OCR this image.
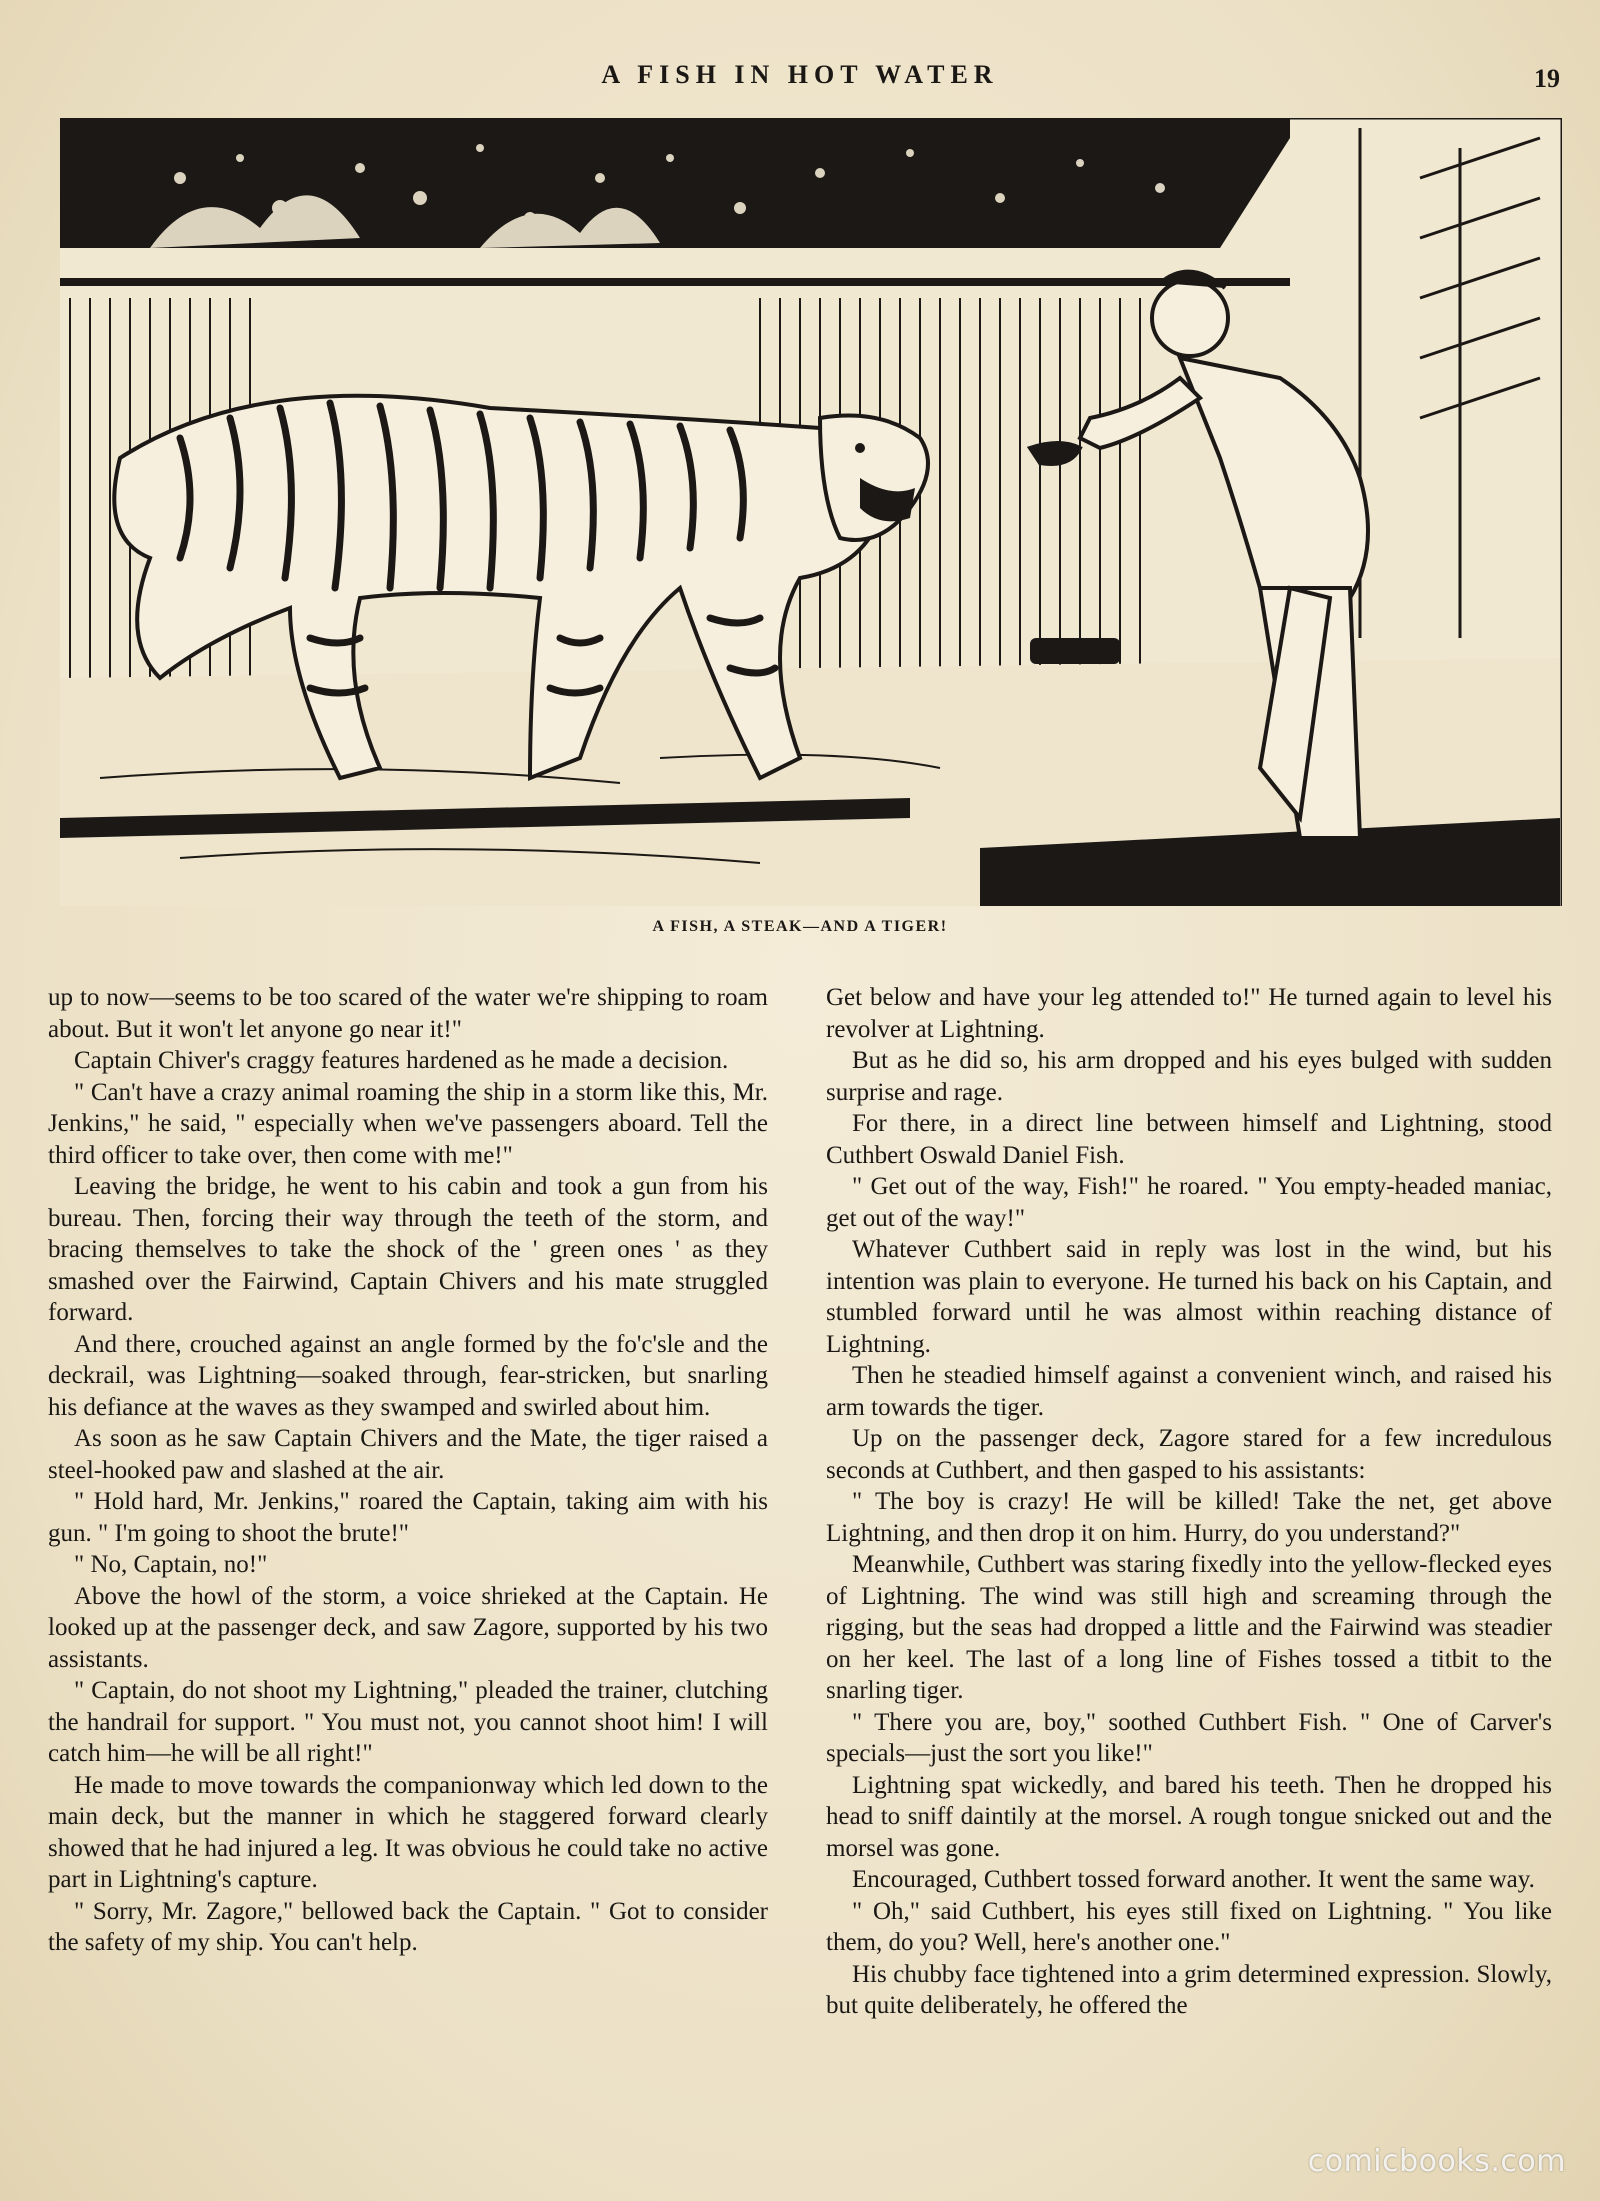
A FISH IN HOT WATER	19
A FISH, A STEAK—AND A TIGER!

up to now—seems to be too scared of the water we're shipping to roam about. But it won't let anyone go near it!"

Captain Chiver's craggy features hardened as he made a decision.

" Can't have a crazy animal roaming the ship in a storm like this, Mr. Jenkins," he said, " especially when we've passengers aboard. Tell the third officer to take over, then come with me!"

Leaving the bridge, he went to his cabin and took a gun from his bureau. Then, forcing their way through the teeth of the storm, and bracing themselves to take the shock of the ' green ones ' as they smashed over the Fairwind, Captain Chivers and his mate struggled forward.

And there, crouched against an angle formed by the fo'c'sle and the deckrail, was Lightning—soaked through, fear-stricken, but snarling his defiance at the waves as they swamped and swirled about him.

As soon as he saw Captain Chivers and the Mate, the tiger raised a steel-hooked paw and slashed at the air.

" Hold hard, Mr. Jenkins," roared the Captain, taking aim with his gun. " I'm going to shoot the brute!"

" No, Captain, no!"

Above the howl of the storm, a voice shrieked at the Captain. He looked up at the passenger deck, and saw Zagore, supported by his two assistants.

" Captain, do not shoot my Lightning," pleaded the trainer, clutching the handrail for support. " You must not, you cannot shoot him! I will catch him—he will be all right!"

He made to move towards the companionway which led down to the main deck, but the manner in which he staggered forward clearly showed that he had injured a leg. It was obvious he could take no active part in Lightning's capture.

" Sorry, Mr. Zagore," bellowed back the Captain. " Got to consider the safety of my ship. You can't help.

Get below and have your leg attended to!" He turned again to level his revolver at Lightning.

But as he did so, his arm dropped and his eyes bulged with sudden surprise and rage.

For there, in a direct line between himself and Lightning, stood Cuthbert Oswald Daniel Fish.

" Get out of the way, Fish!" he roared. " You empty-headed maniac, get out of the way!"

Whatever Cuthbert said in reply was lost in the wind, but his intention was plain to everyone. He turned his back on his Captain, and stumbled forward until he was almost within reaching distance of Lightning.

Then he steadied himself against a convenient winch, and raised his arm towards the tiger.

Up on the passenger deck, Zagore stared for a few incredulous seconds at Cuthbert, and then gasped to his assistants:

" The boy is crazy! He will be killed! Take the net, get above Lightning, and then drop it on him. Hurry, do you understand?"

Meanwhile, Cuthbert was staring fixedly into the yellow-flecked eyes of Lightning. The wind was still high and screaming through the rigging, but the seas had dropped a little and the Fairwind was steadier on her keel. The last of a long line of Fishes tossed a titbit to the snarling tiger.

" There you are, boy," soothed Cuthbert Fish. " One of Carver's specials—just the sort you like!"

Lightning spat wickedly, and bared his teeth. Then he dropped his head to sniff daintily at the morsel. A rough tongue snicked out and the morsel was gone.

Encouraged, Cuthbert tossed forward another. It went the same way.

" Oh," said Cuthbert, his eyes still fixed on Lightning. " You like them, do you? Well, here's another one."

His chubby face tightened into a grim determined expression. Slowly, but quite deliberately, he offered the

comicbooks.com
